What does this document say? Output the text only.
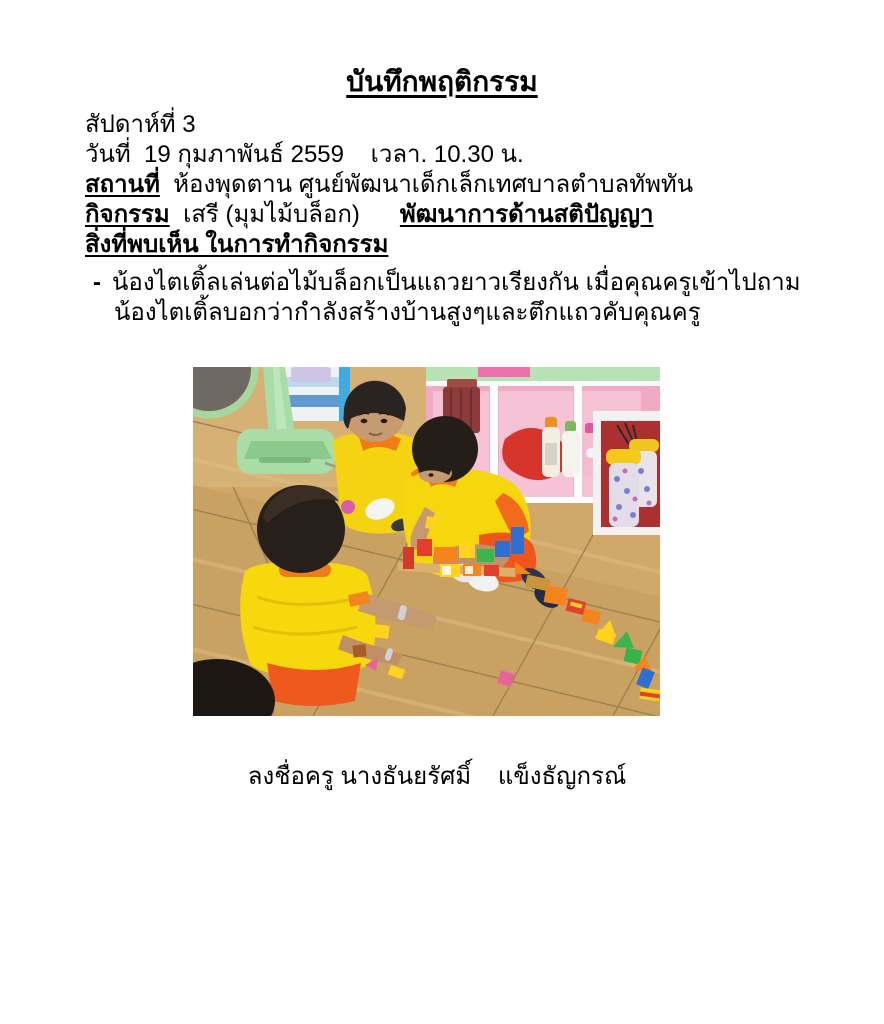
บันทึกพฤติกรรม
สัปดาห์ที่ 3
วันที่  19 กุมภาพันธ์ 2559    เวลา. 10.30 น.
สถานที่  ห้องพุดตาน ศูนย์พัฒนาเด็กเล็กเทศบาลตำบลทัพทัน
กิจกรรม  เสรี (มุมไม้บล็อก)      พัฒนาการด้านสติปัญญา
สิ่งที่พบเห็น ในการทำกิจกรรม
- น้องไตเติ้ลเล่นต่อไม้บล็อกเป็นแถวยาวเรียงกัน เมื่อคุณครูเข้าไปถาม
น้องไตเติ้ลบอกว่ากำลังสร้างบ้านสูงๆและตึกแถวคับคุณครู
ลงชื่อครู นางธันยรัศมิ์    แข็งธัญกรณ์
